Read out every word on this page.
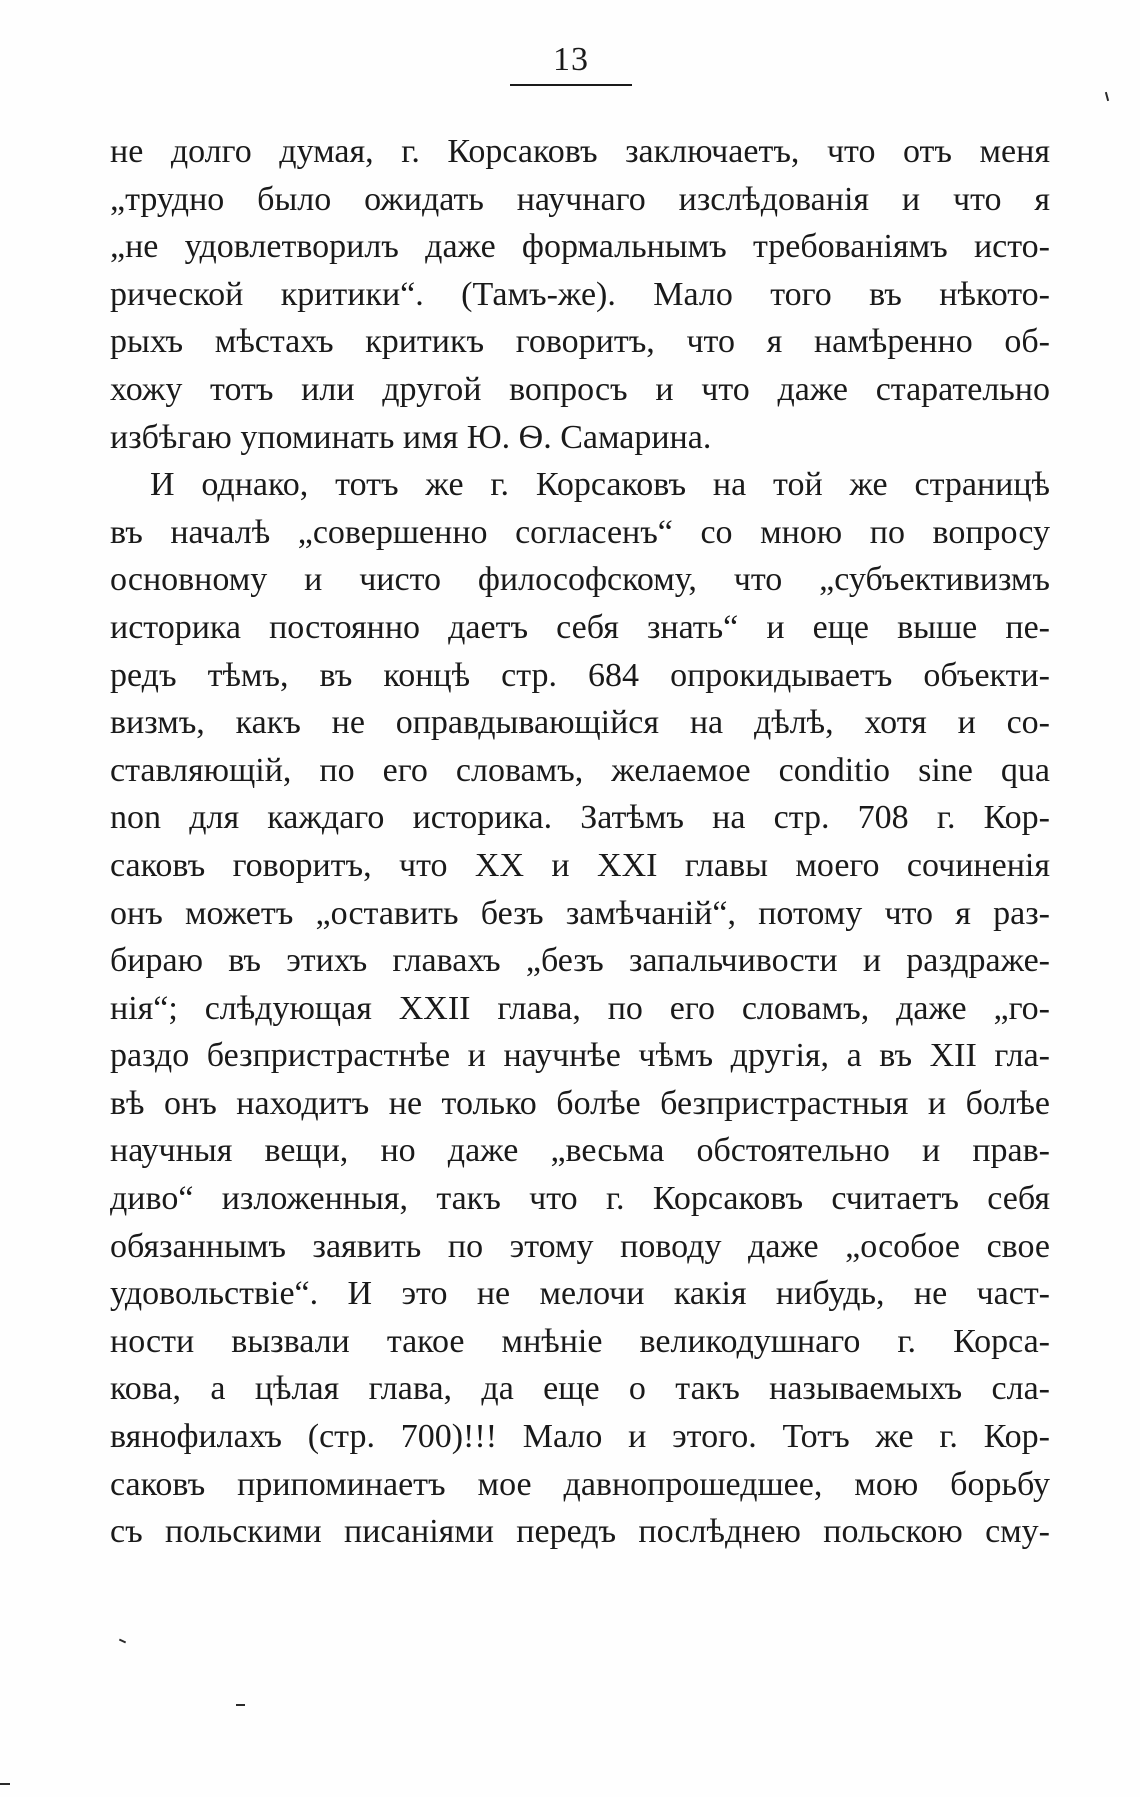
13
не долго думая, г. Корсаковъ заключаетъ, что отъ меня
„трудно было ожидать научнаго изслѣдованія и что я
„не удовлетворилъ даже формальнымъ требованіямъ исто-
рической критики“. (Тамъ-же). Мало того въ нѣкото-
рыхъ мѣстахъ критикъ говоритъ, что я намѣренно об-
хожу тотъ или другой вопросъ и что даже старательно
избѣгаю упоминать имя Ю. Ѳ. Самарина.
И однако, тотъ же г. Корсаковъ на той же страницѣ
въ началѣ „совершенно согласенъ“ со мною по вопросу
основному и чисто философскому, что „субъективизмъ
историка постоянно даетъ себя знать“ и еще выше пе-
редъ тѣмъ, въ концѣ стр. 684 опрокидываетъ объекти-
визмъ, какъ не оправдывающійся на дѣлѣ, хотя и со-
ставляющій, по его словамъ, желаемое conditio sine qua
non для каждаго историка. Затѣмъ на стр. 708 г. Кор-
саковъ говоритъ, что XX и XXI главы моего сочиненія
онъ можетъ „оставить безъ замѣчаній“, потому что я раз-
бираю въ этихъ главахъ „безъ запальчивости и раздраже-
нія“; слѣдующая XXII глава, по его словамъ, даже „го-
раздо безпристрастнѣе и научнѣе чѣмъ другія, а въ XII гла-
вѣ онъ находитъ не только болѣе безпристрастныя и болѣе
научныя вещи, но даже „весьма обстоятельно и прав-
диво“ изложенныя, такъ что г. Корсаковъ считаетъ себя
обязаннымъ заявить по этому поводу даже „особое свое
удовольствіе“. И это не мелочи какія нибудь, не част-
ности вызвали такое мнѣніе великодушнаго г. Корса-
кова, а цѣлая глава, да еще о такъ называемыхъ сла-
вянофилахъ (стр. 700)!!! Мало и этого. Тотъ же г. Кор-
саковъ припоминаетъ мое давнопрошедшее, мою борьбу
съ польскими писаніями передъ послѣднею польскою сму-
